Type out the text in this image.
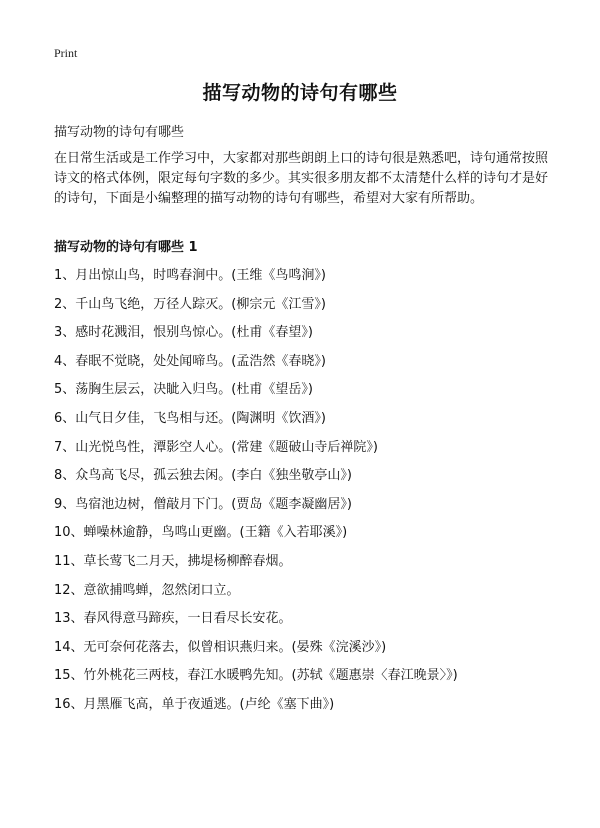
Print
描写动物的诗句有哪些
描写动物的诗句有哪些

在日常生活或是工作学习中，大家都对那些朗朗上口的诗句很是熟悉吧，诗句通常按照诗文的格式体例，限定每句字数的多少。其实很多朋友都不太清楚什么样的诗句才是好的诗句，下面是小编整理的描写动物的诗句有哪些，希望对大家有所帮助。

描写动物的诗句有哪些 1
1、月出惊山鸟，时鸣春涧中。(王维《鸟鸣涧》)
2、千山鸟飞绝，万径人踪灭。(柳宗元《江雪》)
3、感时花溅泪，恨别鸟惊心。(杜甫《春望》)
4、春眠不觉晓，处处闻啼鸟。(孟浩然《春晓》)
5、荡胸生层云，决眦入归鸟。(杜甫《望岳》)
6、山气日夕佳，飞鸟相与还。(陶渊明《饮酒》)
7、山光悦鸟性，潭影空人心。(常建《题破山寺后禅院》)
8、众鸟高飞尽，孤云独去闲。(李白《独坐敬亭山》)
9、鸟宿池边树，僧敲月下门。(贾岛《题李凝幽居》)
10、蝉噪林逾静，鸟鸣山更幽。(王籍《入若耶溪》)
11、草长莺飞二月天，拂堤杨柳醉春烟。
12、意欲捕鸣蝉，忽然闭口立。
13、春风得意马蹄疾，一日看尽长安花。
14、无可奈何花落去，似曾相识燕归来。(晏殊《浣溪沙》)
15、竹外桃花三两枝，春江水暖鸭先知。(苏轼《题惠崇〈春江晚景〉》)
16、月黑雁飞高，单于夜遁逃。(卢纶《塞下曲》)
